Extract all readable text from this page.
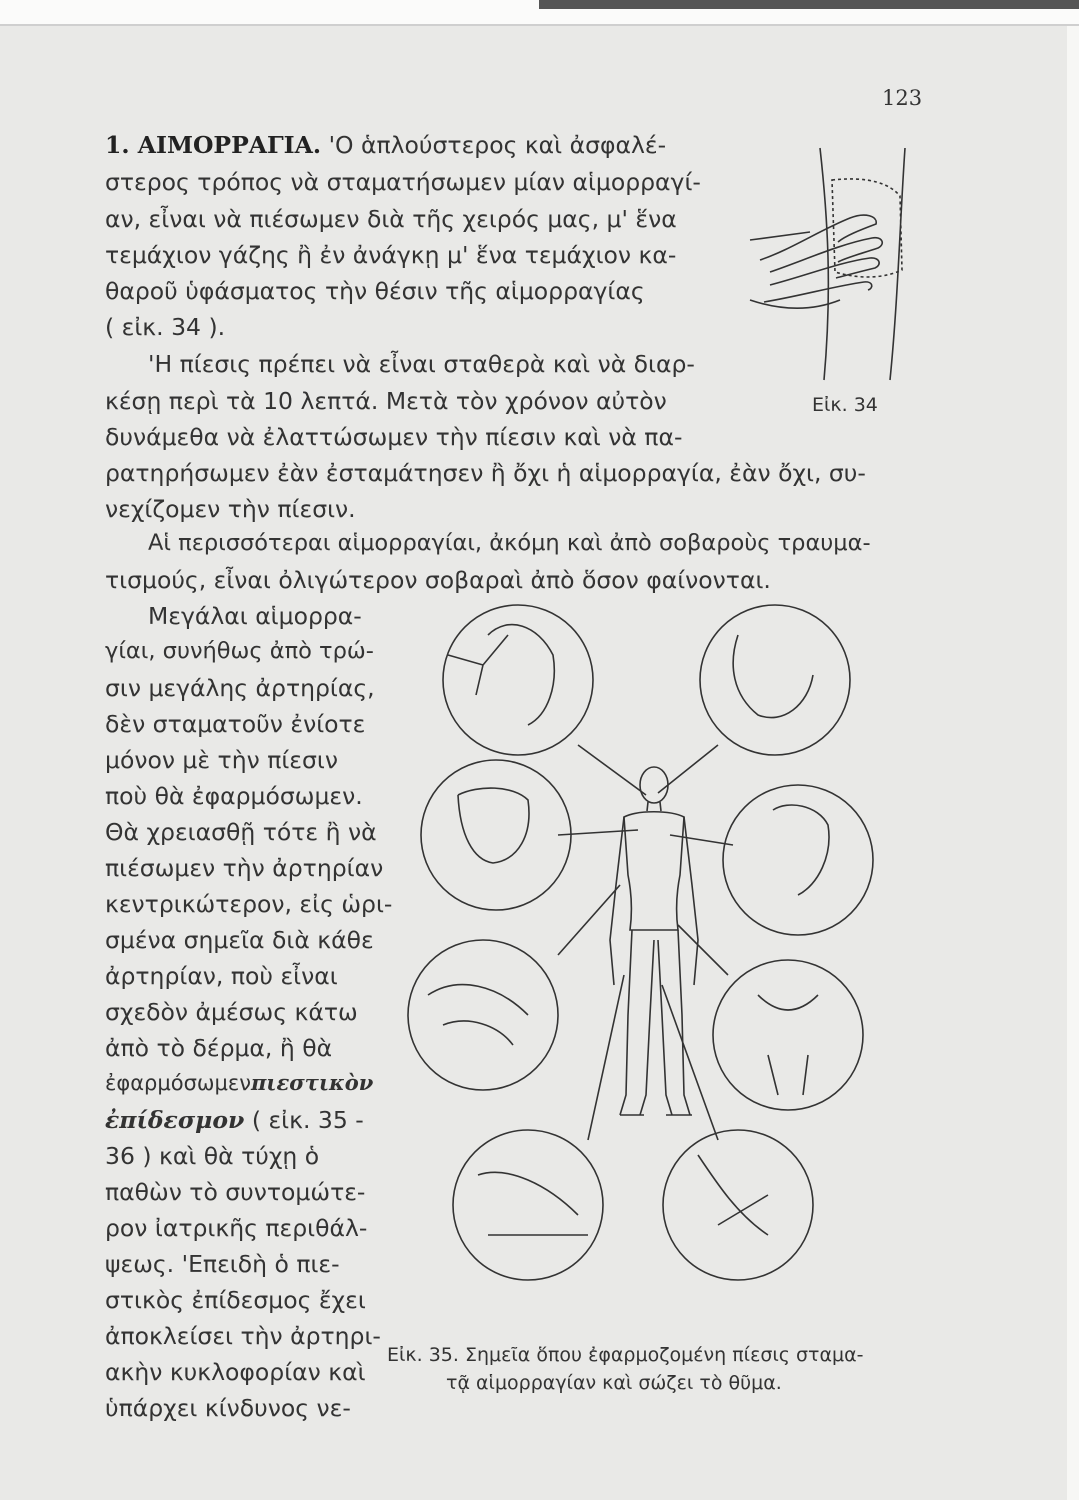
123
1. ΑΙΜΟΡΡΑΓΙΑ. 'Ο ἁπλούστερος καὶ ἀσφαλέ-
στερος τρόπος νὰ σταματήσωμεν μίαν αἱμορραγί-
αν, εἶναι νὰ πιέσωμεν διὰ τῆς χειρός μας, μ' ἕνα
τεμάχιον γάζης ἢ ἐν ἀνάγκῃ μ' ἕνα τεμάχιον κα-
θαροῦ ὑφάσματος τὴν θέσιν τῆς αἱμορραγίας
( εἰκ. 34 ).
'Η πίεσις πρέπει νὰ εἶναι σταθερὰ καὶ νὰ διαρ-
κέσῃ περὶ τὰ 10 λεπτά. Μετὰ τὸν χρόνον αὐτὸν
δυνάμεθα νὰ ἐλαττώσωμεν τὴν πίεσιν καὶ νὰ πα-
ρατηρήσωμεν ἐὰν ἐσταμάτησεν ἢ ὄχι ἡ αἱμορραγία, ἐὰν ὄχι, συ-
νεχίζομεν τὴν πίεσιν.
Αἱ περισσότεραι αἱμορραγίαι, ἀκόμη καὶ ἀπὸ σοβαροὺς τραυμα-
τισμούς, εἶναι ὀλιγώτερον σοβαραὶ ἀπὸ ὅσον φαίνονται.
Μεγάλαι αἱμορρα-
γίαι, συνήθως ἀπὸ τρώ-
σιν μεγάλης ἀρτηρίας,
δὲν σταματοῦν ἐνίοτε
μόνον μὲ τὴν πίεσιν
ποὺ θὰ ἐφαρμόσωμεν.
Θὰ χρειασθῇ τότε ἢ νὰ
πιέσωμεν τὴν ἀρτηρίαν
κεντρικώτερον, εἰς ὡρι-
σμένα σημεῖα διὰ κάθε
ἀρτηρίαν, ποὺ εἶναι
σχεδὸν ἀμέσως κάτω
ἀπὸ τὸ δέρμα, ἢ θὰ
ἐφαρμόσωμενπιεστικὸν
ἐπίδεσμον ( εἰκ. 35 -
36 ) καὶ θὰ τύχῃ ὁ
παθὼν τὸ συντομώτε-
ρον ἰατρικῆς περιθάλ-
ψεως. 'Επειδὴ ὁ πιε-
στικὸς ἐπίδεσμος ἔχει
ἀποκλείσει τὴν ἀρτηρι-
ακὴν κυκλοφορίαν καὶ
ὑπάρχει κίνδυνος νε-
Εἰκ. 34
Εἰκ. 35. Σημεῖα ὅπου ἐφαρμοζομένη πίεσις σταμα-
τᾷ αἱμορραγίαν καὶ σώζει τὸ θῦμα.
